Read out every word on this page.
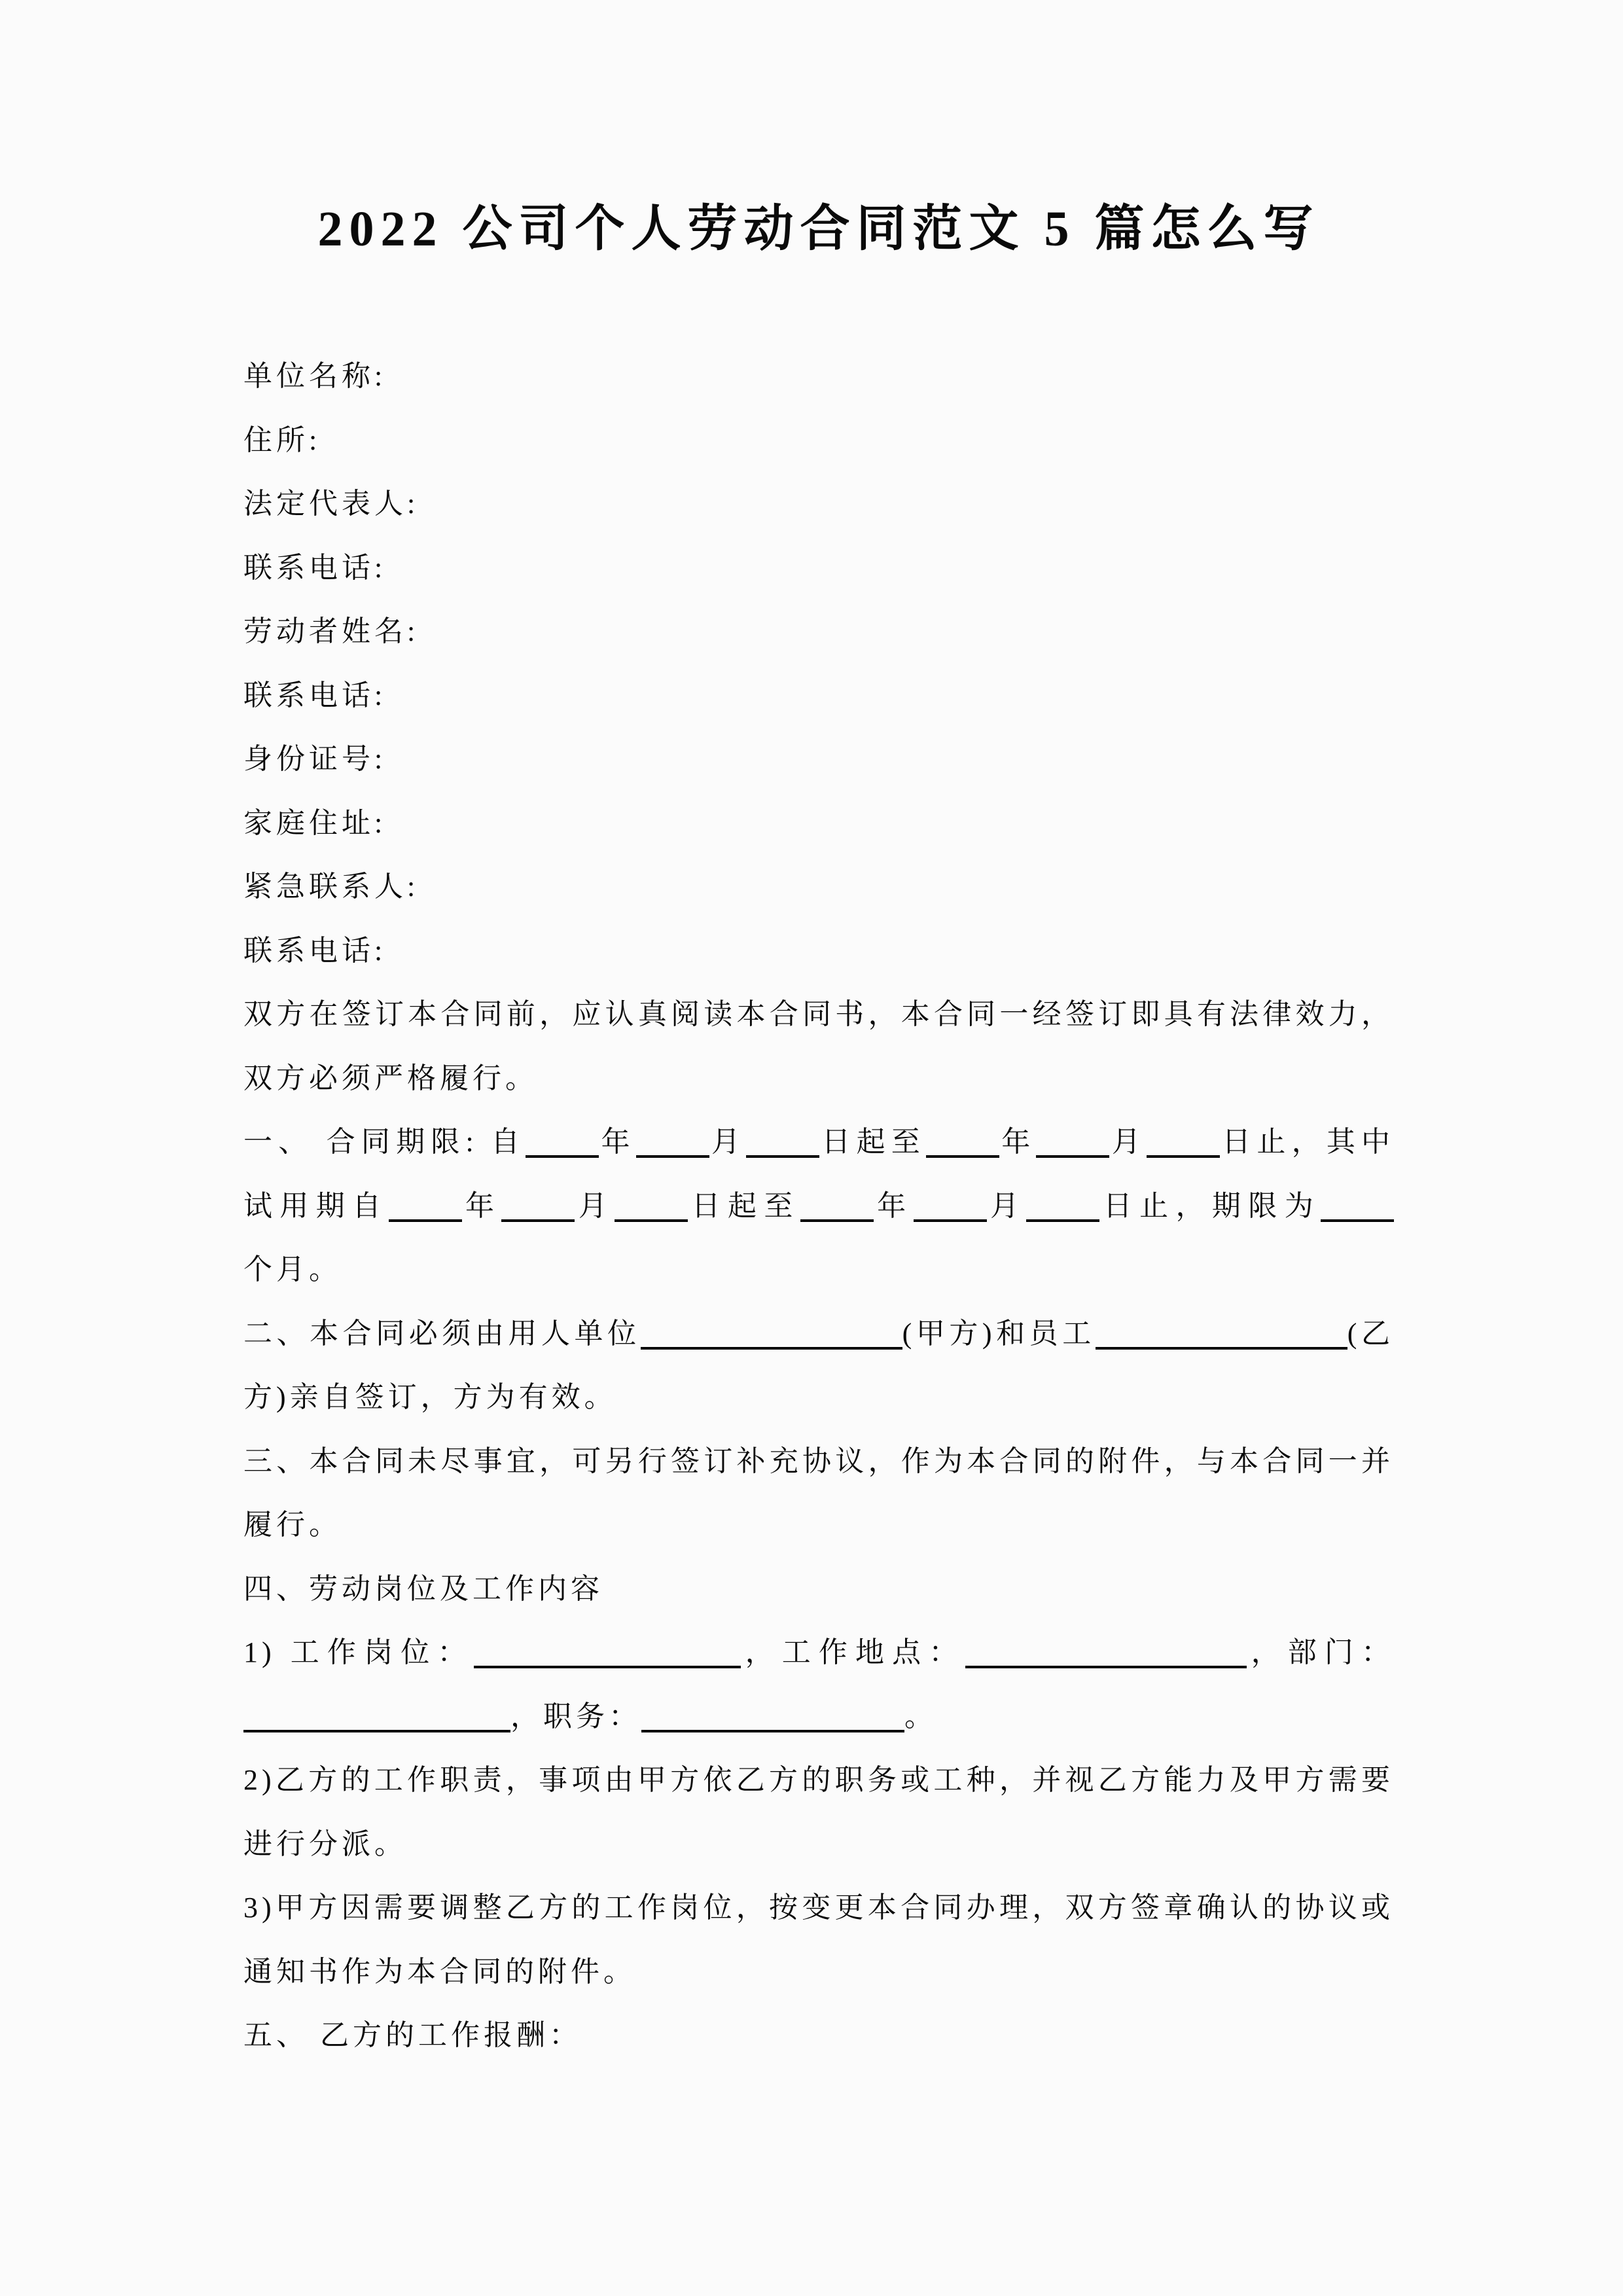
2022 公司个人劳动合同范文 5 篇怎么写
单位名称:
住所:
法定代表人:
联系电话:
劳动者姓名:
联系电话:
身份证号:
家庭住址:
紧急联系人:
联系电话:
双方在签订本合同前，应认真阅读本合同书，本合同一经签订即具有法律效力，
双方必须严格履行。
一、 合同期限: 自	年	月	日起至	年	月	日止，其中
试用期自	年	月	日起至	年	月	日止，期限为
个月。
二、本合同必须由用人单位	(甲方)和员工	(乙
方)亲自签订，方为有效。
三、本合同未尽事宜，可另行签订补充协议，作为本合同的附件，与本合同一并
履行。
四、劳动岗位及工作内容
1) 工作岗位：	，工作地点：	，部门：
，职务：	。
2)乙方的工作职责，事项由甲方依乙方的职务或工种，并视乙方能力及甲方需要
进行分派。
3)甲方因需要调整乙方的工作岗位，按变更本合同办理，双方签章确认的协议或
通知书作为本合同的附件。
五、 乙方的工作报酬：
